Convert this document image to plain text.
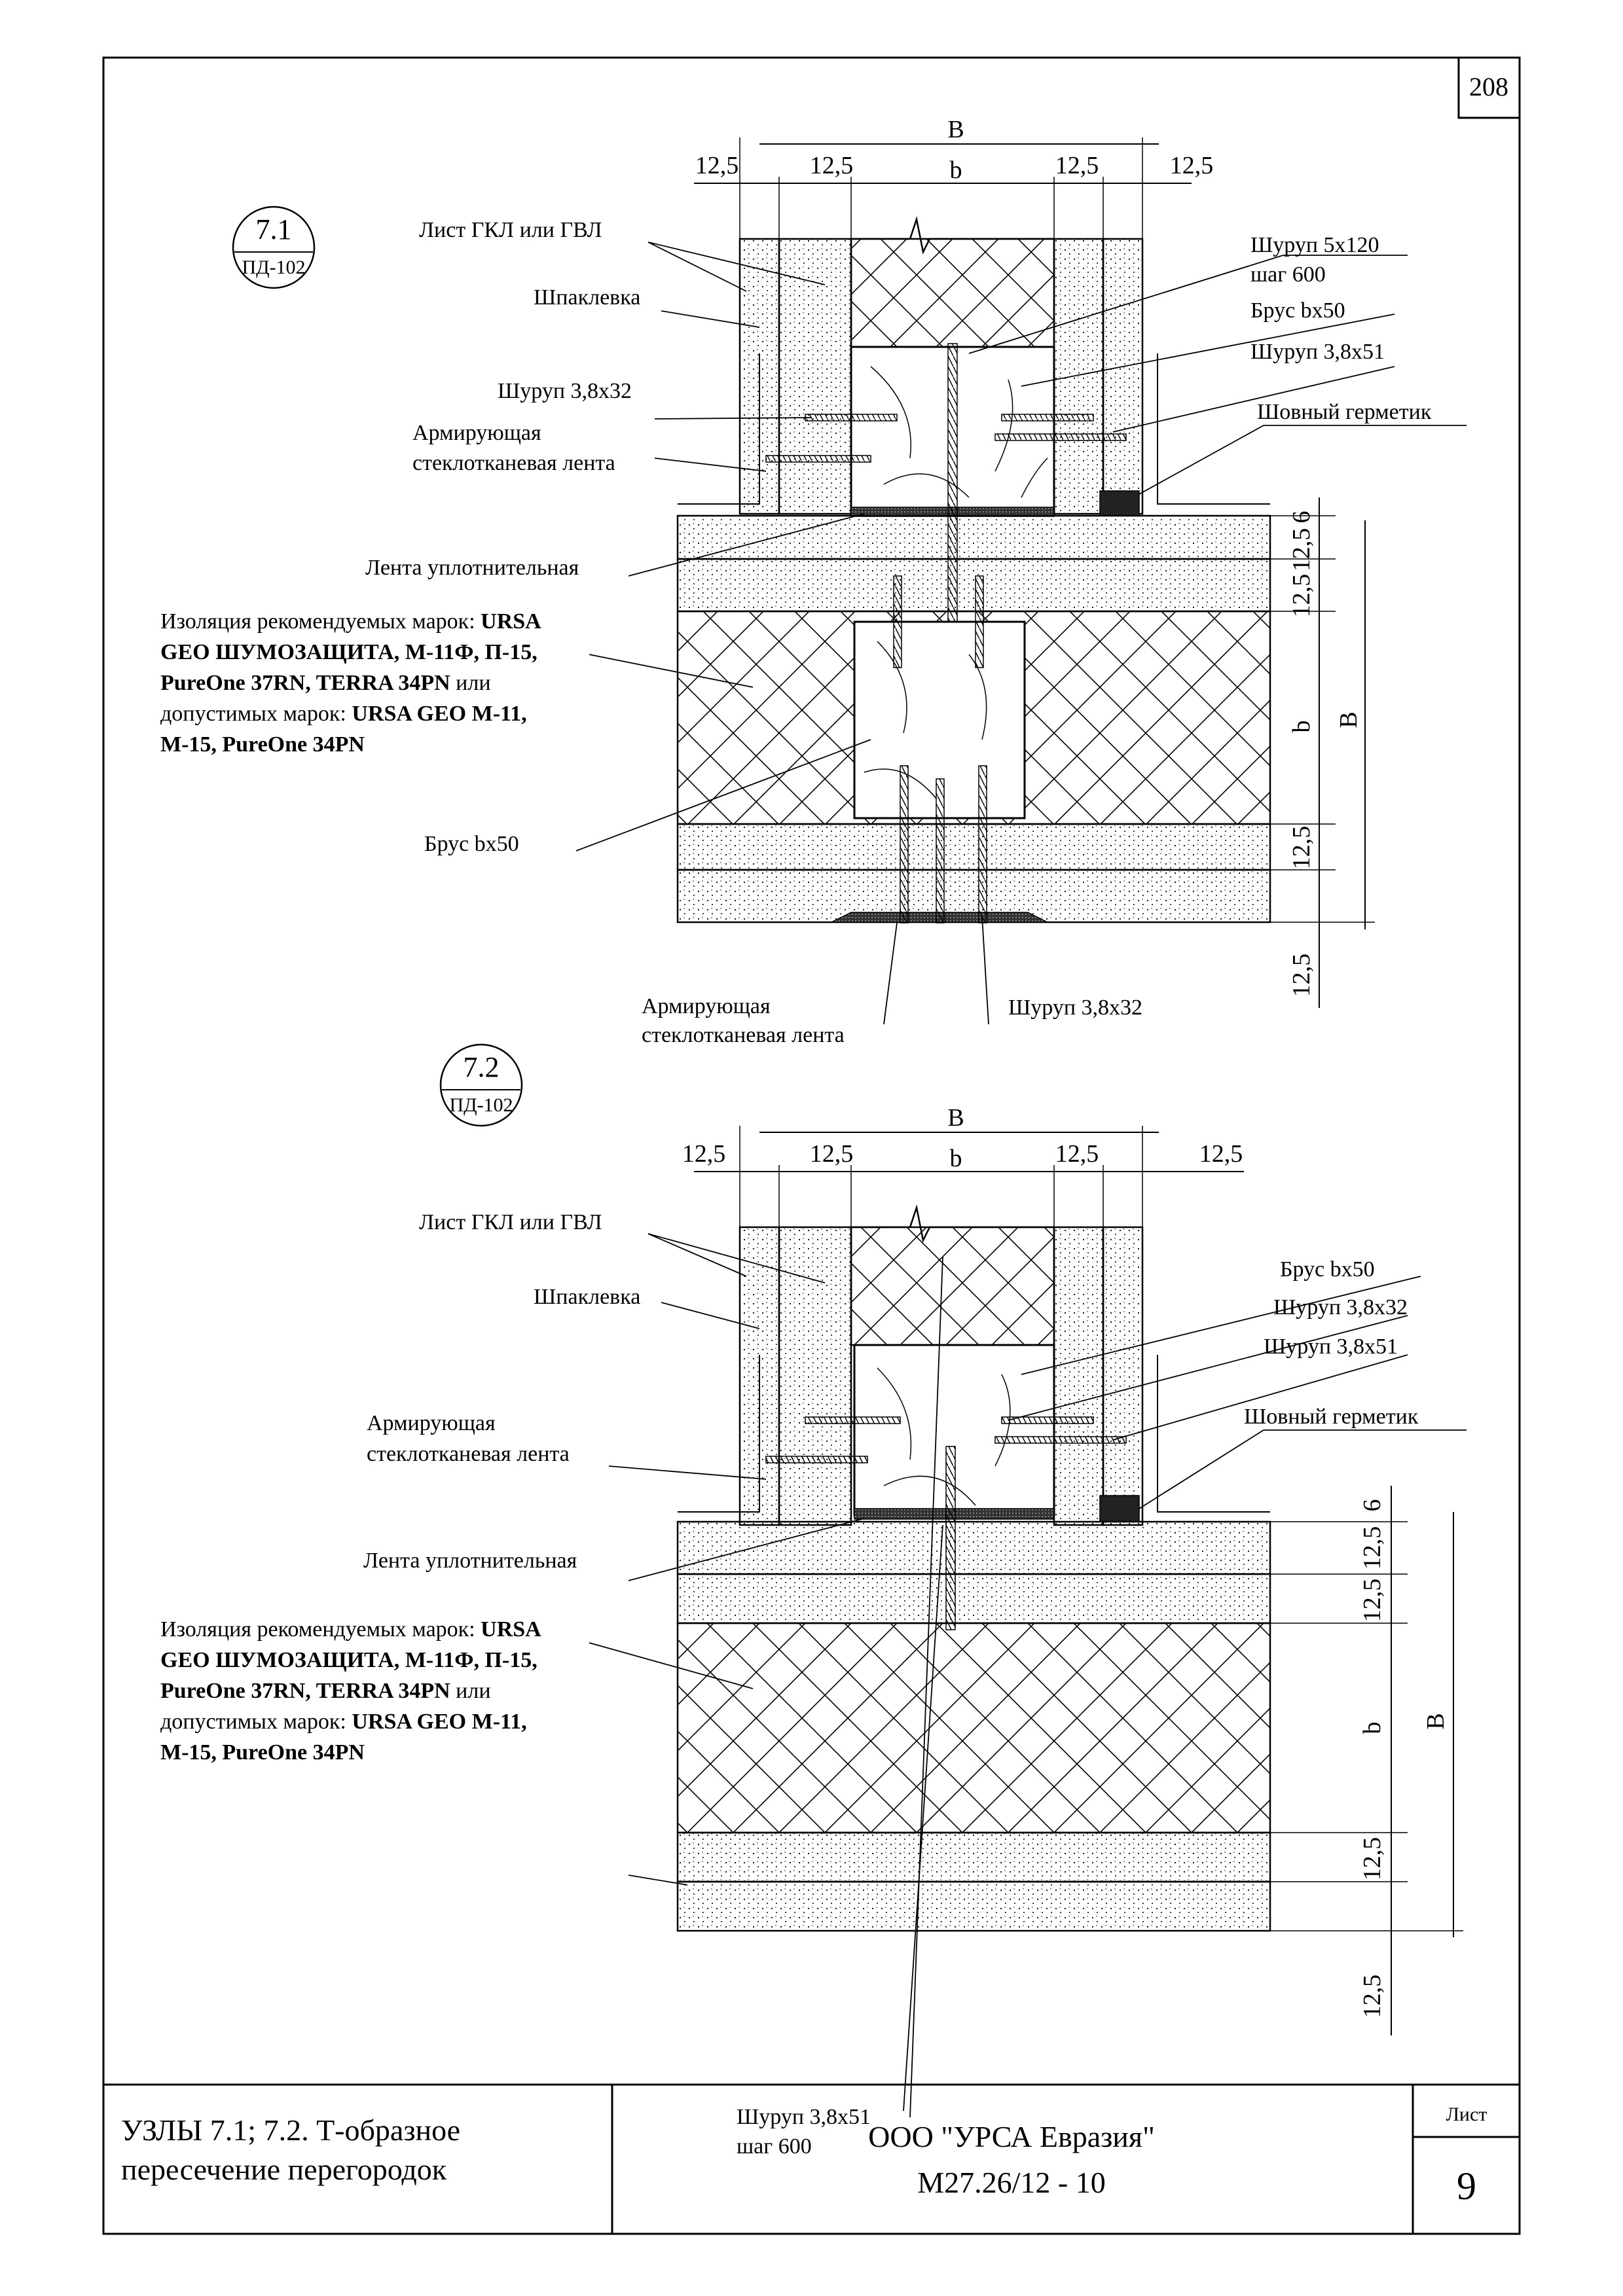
208
7.1
ПД-102
В
b
12,5	12,5	12,5	12,5
6
12,5
12,5
b В
12,5
12,5
Лист ГКЛ или ГВЛ
Шпаклевка
Шуруп 3,8х32
Армирующая
стеклотканевая лента
Лента уплотнительная
Изоляция рекомендуемых марок: URSA
GEO ШУМОЗАЩИТА, М-11Ф, П-15,
PureOne 37RN, TERRA 34PN или
допустимых марок: URSA GEO М-11,
М-15, PureOne 34PN
Брус bх50
Шуруп 5х120
шаг 600
Брус bх50
Шуруп 3,8х51
Шовный герметик
Армирующая
стеклотканевая лента
Шуруп 3,8х32
7.2
ПД-102	В
b
12,5	12,5	12,5	12,5
6
12,5
12,5
b В
12,5
12,5
Лист ГКЛ или ГВЛ
Шпаклевка
Армирующая
стеклотканевая лента
Лента уплотнительная
Изоляция рекомендуемых марок: URSA
GEO ШУМОЗАЩИТА, М-11Ф, П-15,
PureOne 37RN, TERRA 34PN или
допустимых марок: URSA GEO М-11,
М-15, PureOne 34PN
Брус bх50
Шуруп 3,8х32
Шуруп 3,8х51
Шовный герметик
Шуруп 3,8х51
шаг 600
УЗЛЫ 7.1; 7.2. Т-образное
пересечение перегородок
ООО "УРСА Евразия"
М27.26/12 - 10
Лист
9
